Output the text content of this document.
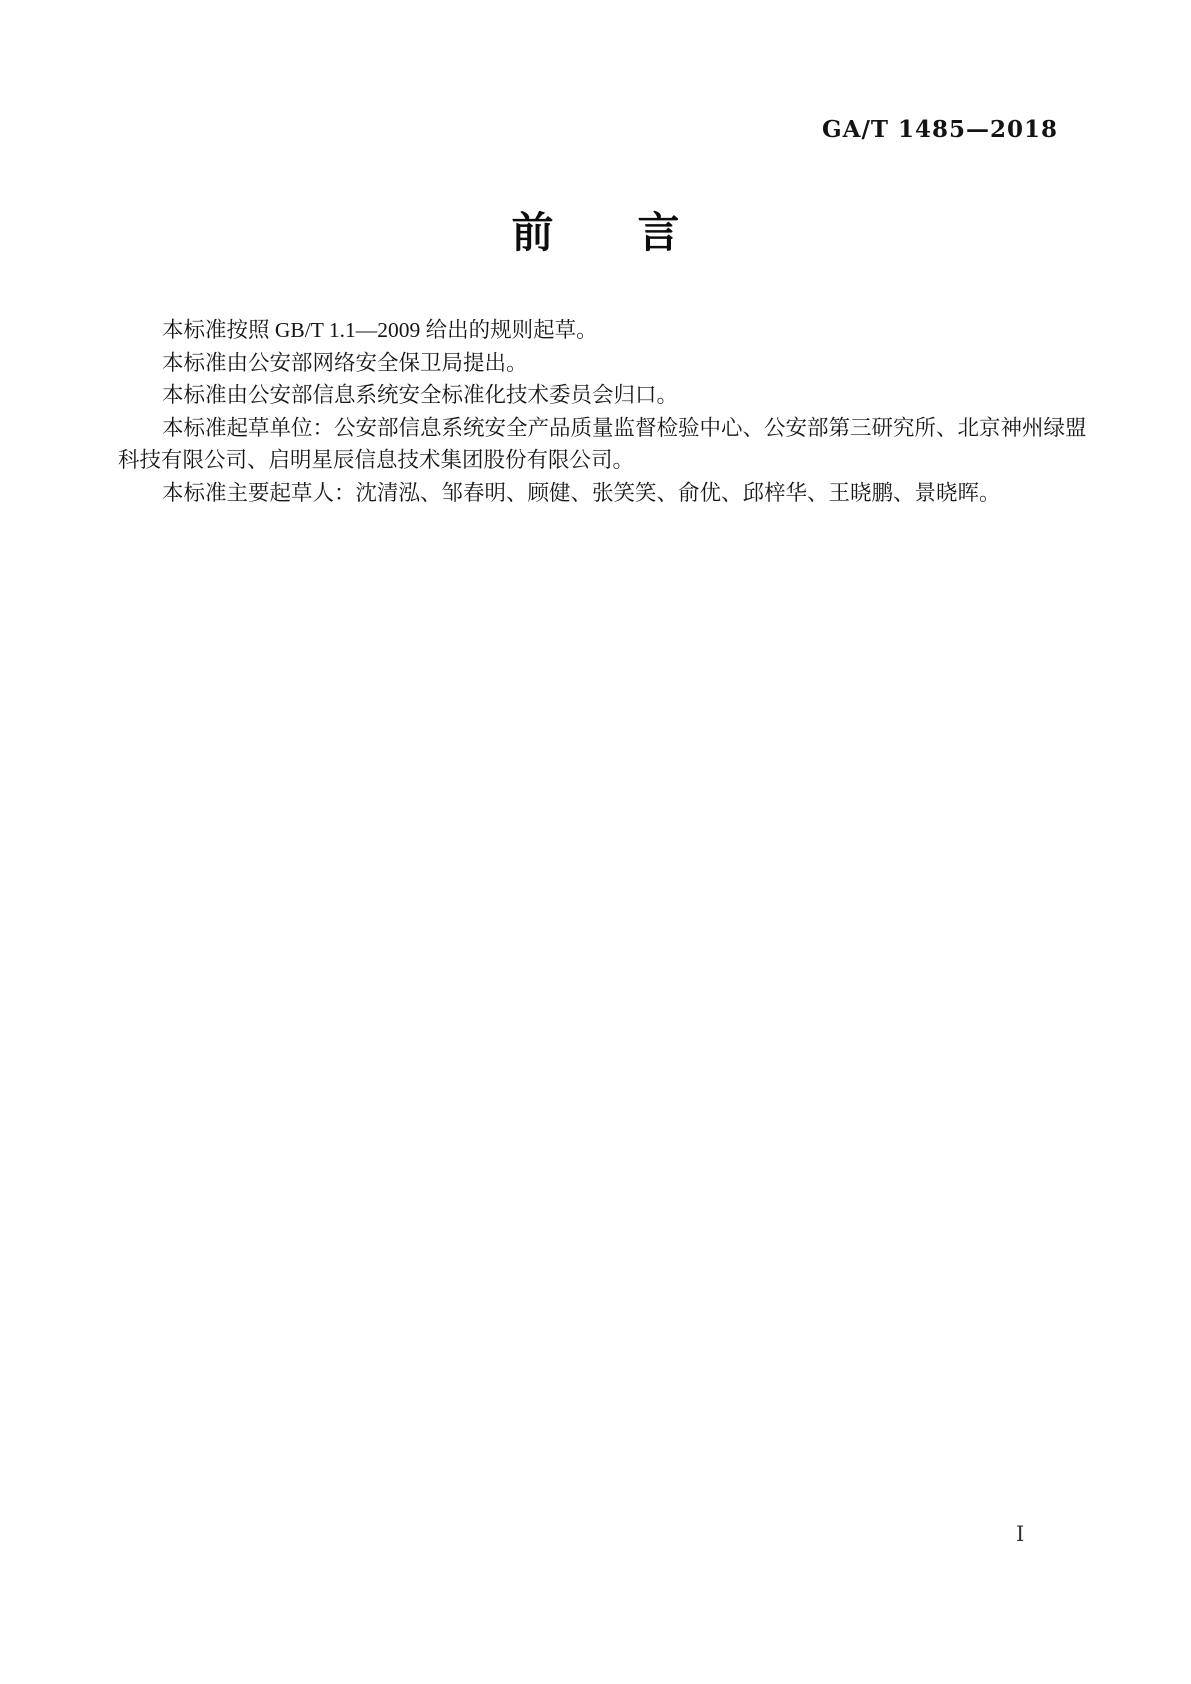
GA/T 1485—2018
前　　言
本标准按照 GB/T 1.1—2009 给出的规则起草。
本标准由公安部网络安全保卫局提出。
本标准由公安部信息系统安全标准化技术委员会归口。
本标准起草单位：公安部信息系统安全产品质量监督检验中心、公安部第三研究所、北京神州绿盟
科技有限公司、启明星辰信息技术集团股份有限公司。
本标准主要起草人：沈清泓、邹春明、顾健、张笑笑、俞优、邱梓华、王晓鹏、景晓晖。
I
